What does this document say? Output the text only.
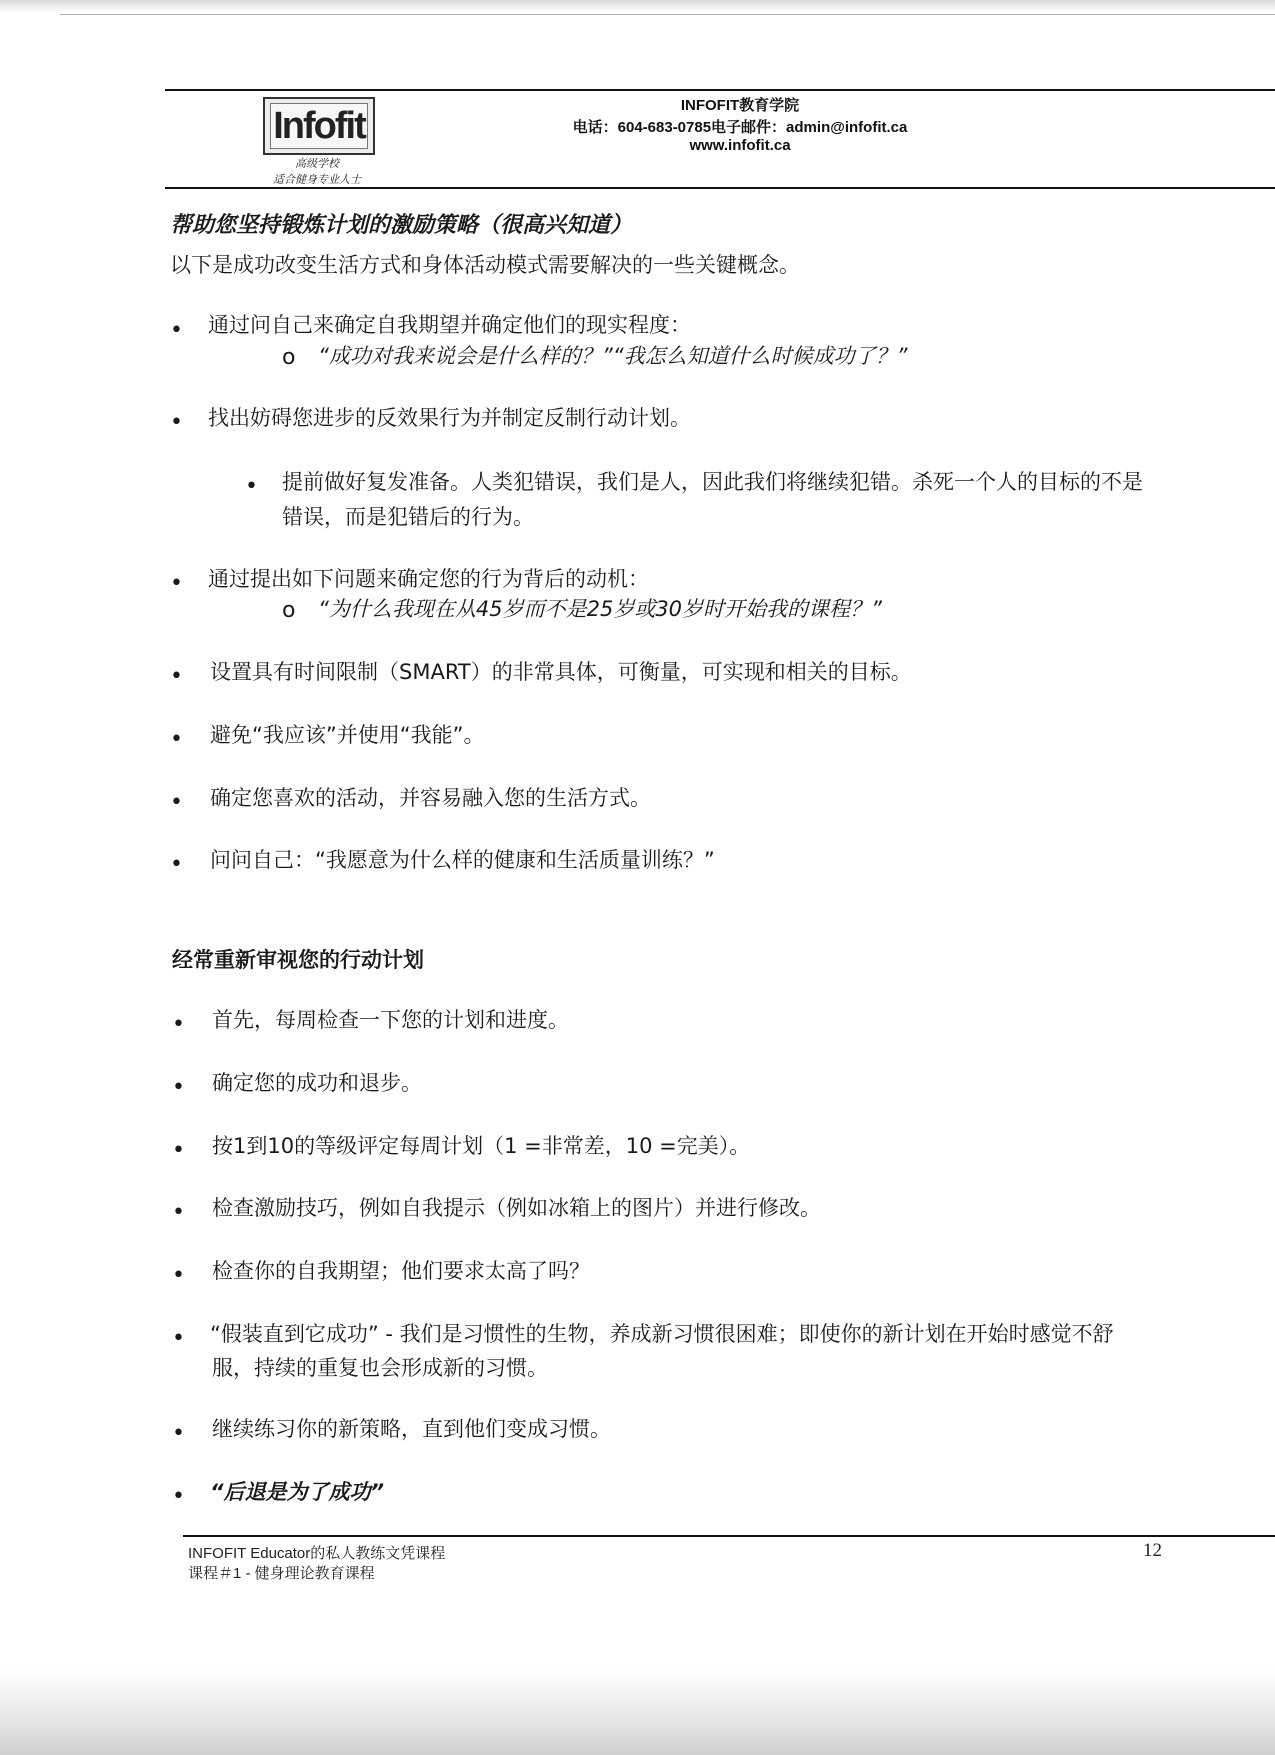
Infofit
高级学校
适合健身专业人士
INFOFIT教育学院
电话：604-683-0785电子邮件：admin@infofit.ca
www.infofit.ca
帮助您坚持锻炼计划的激励策略（很高兴知道）
以下是成功改变生活方式和身体活动模式需要解决的一些关键概念。
• 通过问自己来确定自我期望并确定他们的现实程度：
o “成功对我来说会是什么样的？”“我怎么知道什么时候成功了？”
• 找出妨碍您进步的反效果行为并制定反制行动计划。
• 提前做好复发准备。人类犯错误，我们是人，因此我们将继续犯错。杀死一个人的目标的不是
错误，而是犯错后的行为。
• 通过提出如下问题来确定您的行为背后的动机：
o “为什么我现在从45岁而不是25岁或30岁时开始我的课程？”
• 设置具有时间限制（SMART）的非常具体，可衡量，可实现和相关的目标。
• 避免“我应该”并使用“我能”。
• 确定您喜欢的活动，并容易融入您的生活方式。
• 问问自己：“我愿意为什么样的健康和生活质量训练？”
经常重新审视您的行动计划
• 首先，每周检查一下您的计划和进度。
• 确定您的成功和退步。
• 按1到10的等级评定每周计划（1 =非常差，10 =完美）。
• 检查激励技巧，例如自我提示（例如冰箱上的图片）并进行修改。
• 检查你的自我期望；他们要求太高了吗？
• “假装直到它成功” - 我们是习惯性的生物，养成新习惯很困难；即使你的新计划在开始时感觉不舒
服，持续的重复也会形成新的习惯。
• 继续练习你的新策略，直到他们变成习惯。
• “后退是为了成功”
INFOFIT Educator的私人教练文凭课程
课程＃1 - 健身理论教育课程
12
